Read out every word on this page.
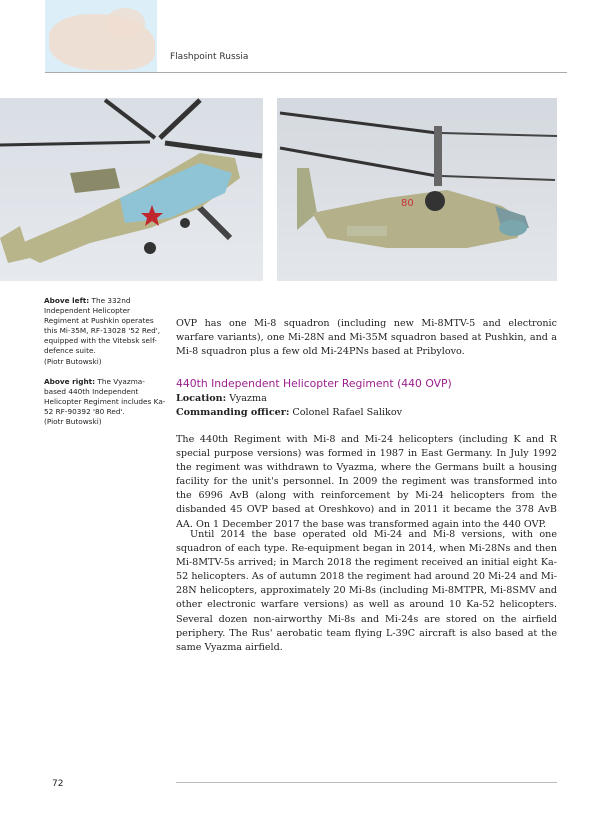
Flashpoint Russia
80

Above left: The 332nd Independent Helicopter Regiment at Pushkin operates this Mi-35M, RF-13028 '52 Red', equipped with the Vitebsk self-defence suite.
(Piotr Butowski)

Above right: The Vyazma-based 440th Independent Helicopter Regiment includes Ka-52 RF-90392 '80 Red'.
(Piotr Butowski)

OVP has one Mi-8 squadron (including new Mi-8MTV-5 and electronic warfare variants), one Mi-28N and Mi-35M squadron based at Pushkin, and a Mi-8 squadron plus a few old Mi-24PNs based at Pribylovo.

440th Independent Helicopter Regiment (440 OVP)
Location: Vyazma
Commanding officer: Colonel Rafael Salikov

The 440th Regiment with Mi-8 and Mi-24 helicopters (including K and R special purpose versions) was formed in 1987 in East Germany. In July 1992 the regiment was withdrawn to Vyazma, where the Germans built a housing facility for the unit's personnel. In 2009 the regiment was transformed into the 6996 AvB (along with reinforcement by Mi-24 helicopters from the disbanded 45 OVP based at Oreshkovo) and in 2011 it became the 378 AvB AA. On 1 December 2017 the base was transformed again into the 440 OVP.

Until 2014 the base operated old Mi-24 and Mi-8 versions, with one squadron of each type. Re-equipment began in 2014, when Mi-28Ns and then Mi-8MTV-5s arrived; in March 2018 the regiment received an initial eight Ka-52 helicopters. As of autumn 2018 the regiment had around 20 Mi-24 and Mi-28N helicopters, approximately 20 Mi-8s (including Mi-8MTPR, Mi-8SMV and other electronic warfare versions) as well as around 10 Ka-52 helicopters. Several dozen non-airworthy Mi-8s and Mi-24s are stored on the airfield periphery. The Rus' aerobatic team flying L-39C aircraft is also based at the same Vyazma airfield.

72
